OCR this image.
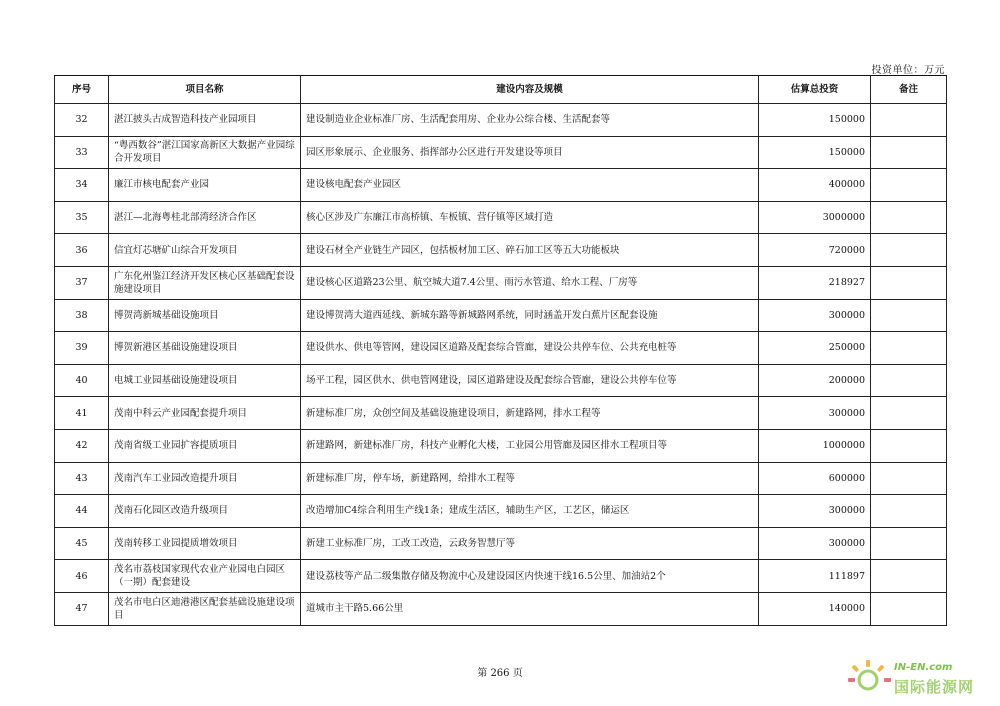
投资单位：万元
序号	项目名称	建设内容及规模	估算总投资	备注
32	湛江披头古成智造科技产业园项目	建设制造业企业标准厂房、生活配套用房、企业办公综合楼、生活配套等	150000	
33	“粤西数谷”湛江国家高新区大数据产业园综合开发项目	园区形象展示、企业服务、指挥部办公区进行开发建设等项目	150000	
34	廉江市核电配套产业园	建设核电配套产业园区	400000	
35	湛江—北海粤桂北部湾经济合作区	核心区涉及广东廉江市高桥镇、车板镇、营仔镇等区域打造	3000000	
36	信宜灯芯塘矿山综合开发项目	建设石材全产业链生产园区，包括板材加工区、碎石加工区等五大功能板块	720000	
37	广东化州鉴江经济开发区核心区基础配套设施建设项目	建设核心区道路23公里、航空城大道7.4公里、雨污水管道、给水工程、厂房等	218927	
38	博贺湾新城基础设施项目	建设博贺湾大道西延线、新城东路等新城路网系统，同时涵盖开发白蕉片区配套设施	300000	
39	博贺新港区基础设施建设项目	建设供水、供电等管网，建设园区道路及配套综合管廊，建设公共停车位、公共充电桩等	250000	
40	电城工业园基础设施建设项目	场平工程，园区供水、供电管网建设，园区道路建设及配套综合管廊，建设公共停车位等	200000	
41	茂南中科云产业园配套提升项目	新建标准厂房，众创空间及基础设施建设项目，新建路网，排水工程等	300000	
42	茂南省级工业园扩容提质项目	新建路网，新建标准厂房，科技产业孵化大楼，工业园公用管廊及园区排水工程项目等	1000000	
43	茂南汽车工业园改造提升项目	新建标准厂房，停车场，新建路网，给排水工程等	600000	
44	茂南石化园区改造升级项目	改造增加C4综合利用生产线1条；建成生活区，辅助生产区，工艺区，储运区	300000	
45	茂南转移工业园提质增效项目	新建工业标准厂房，工改工改造，云政务智慧厅等	300000	
46	茂名市荔枝国家现代农业产业园电白园区（一期）配套建设	建设荔枝等产品二级集散存储及物流中心及建设园区内快速干线16.5公里、加油站2个	111897	
47	茂名市电白区迪港港区配套基础设施建设项目	道城市主干路5.66公里	140000	
第 266 页
IN-EN.com
国际能源网
